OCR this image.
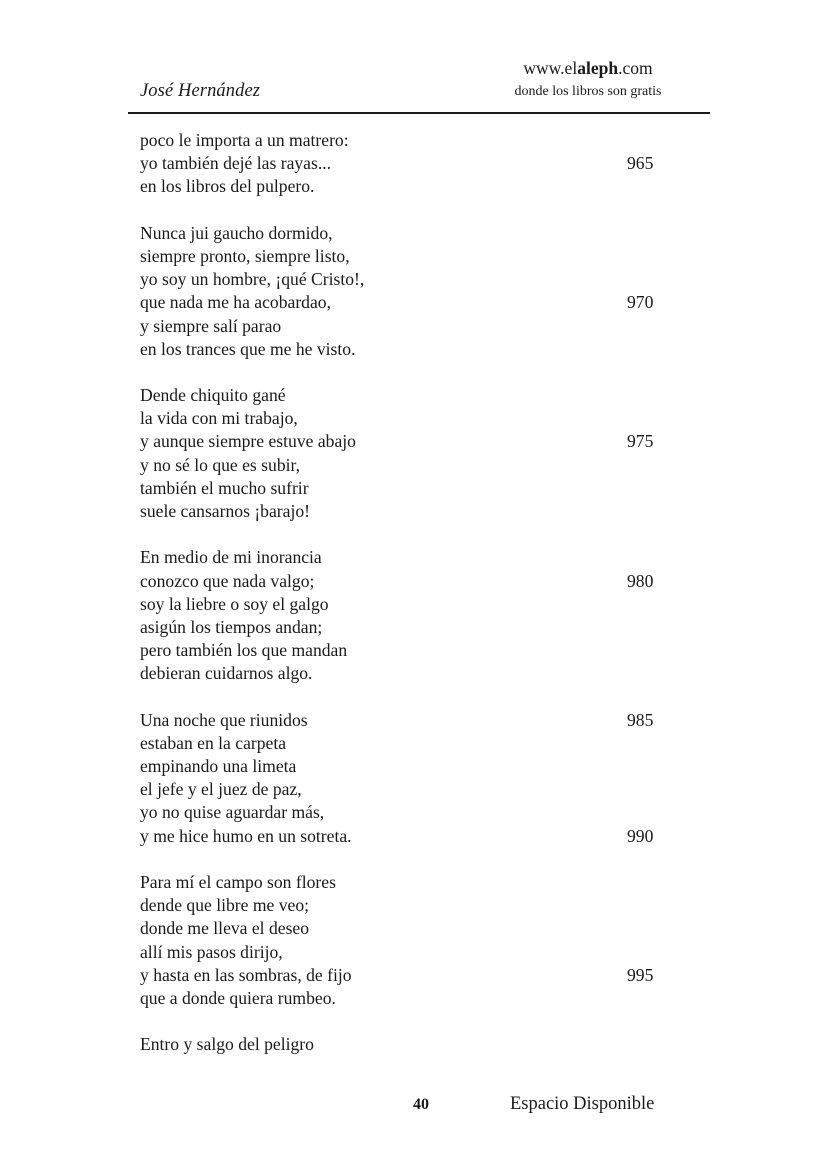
José Hernández
www.elaleph.com
donde los libros son gratis
poco le importa a un matrero:
yo también dejé las rayas...	965
en los libros del pulpero.
Nunca jui gaucho dormido,
siempre pronto, siempre listo,
yo soy un hombre, ¡qué Cristo!,
que nada me ha acobardao,	970
y siempre salí parao
en los trances que me he visto.
Dende chiquito gané
la vida con mi trabajo,
y aunque siempre estuve abajo	975
y no sé lo que es subir,
también el mucho sufrir
suele cansarnos ¡barajo!
En medio de mi inorancia
conozco que nada valgo;	980
soy la liebre o soy el galgo
asigún los tiempos andan;
pero también los que mandan
debieran cuidarnos algo.
Una noche que riunidos	985
estaban en la carpeta
empinando una limeta
el jefe y el juez de paz,
yo no quise aguardar más,
y me hice humo en un sotreta.	990
Para mí el campo son flores
dende que libre me veo;
donde me lleva el deseo
allí mis pasos dirijo,
y hasta en las sombras, de fijo	995
que a donde quiera rumbeo.
Entro y salgo del peligro
40	Espacio Disponible
